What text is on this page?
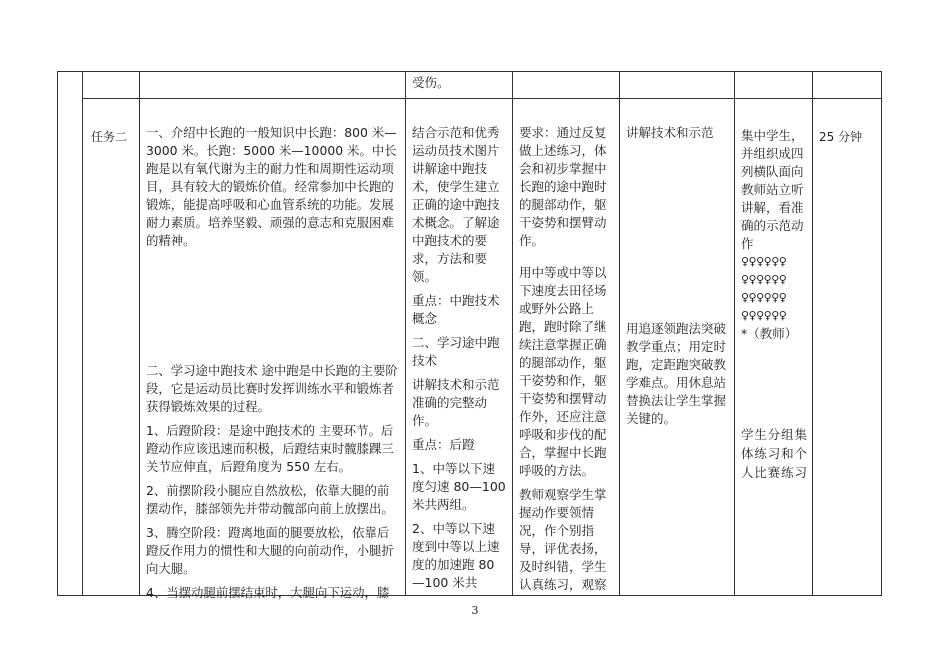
受伤。

任务二	一、介绍中长跑的一般知识中长跑：800 米—3000 米。长跑：5000 米—10000 米。中长跑是以有氧代谢为主的耐力性和周期性运动项目，具有较大的锻炼价值。经常参加中长跑的锻炼，能提高呼吸和心血管系统的功能。发展耐力素质。培养坚毅、顽强的意志和克服困难的精神。

二、学习途中跑技术 途中跑是中长跑的主要阶段，它是运动员比赛时发挥训练水平和锻炼者获得锻炼效果的过程。

1、后蹬阶段：是途中跑技术的 主要环节。后蹬动作应该迅速而积极，后蹬结束时髋膝踝三关节应伸直，后蹬角度为 550 左右。

2、前摆阶段小腿应自然放松，依靠大腿的前摆动作，膝部领先并带动髋部向前上放摆出。

3、腾空阶段：蹬离地面的腿要放松，依靠后蹬反作用力的惯性和大腿的向前动作，小腿折向大腿。

4、当摆动腿前摆结束时，大腿向下运动，膝

结合示范和优秀运动员技术图片讲解途中跑技术，使学生建立正确的途中跑技术概念。了解途中跑技术的要求，方法和要领。

重点：中跑技术概念

二、学习途中跑技术

讲解技术和示范准确的完整动作。

重点：后蹬

1、中等以下速度匀速 80—100 米共两组。

2、中等以下速度到中等以上速度的加速跑 80—100 米共

要求：通过反复做上述练习，体会和初步掌握中长跑的途中跑时的腿部动作，躯干姿势和摆臂动作。

用中等或中等以下速度去田径场或野外公路上跑，跑时除了继续注意掌握正确的腿部动作，躯干姿势和作，躯干姿势和摆臂动作外，还应注意呼吸和步伐的配合，掌握中长跑呼吸的方法。

教师观察学生掌握动作要领情况，作个别指导，评优表扬，及时纠错，学生认真练习，观察

讲解技术和示范

用追逐领跑法突破教学重点；用定时跑，定距跑突破教学难点。用休息站替换法让学生掌握关键的。

集中学生，并组织成四列横队面向教师站立听讲解，看准确的示范动作

♀♀♀♀♀♀

♀♀♀♀♀♀

♀♀♀♀♀♀

♀♀♀♀♀♀

*（教师）

学生分组集体练习和个人比赛练习

25 分钟

3
